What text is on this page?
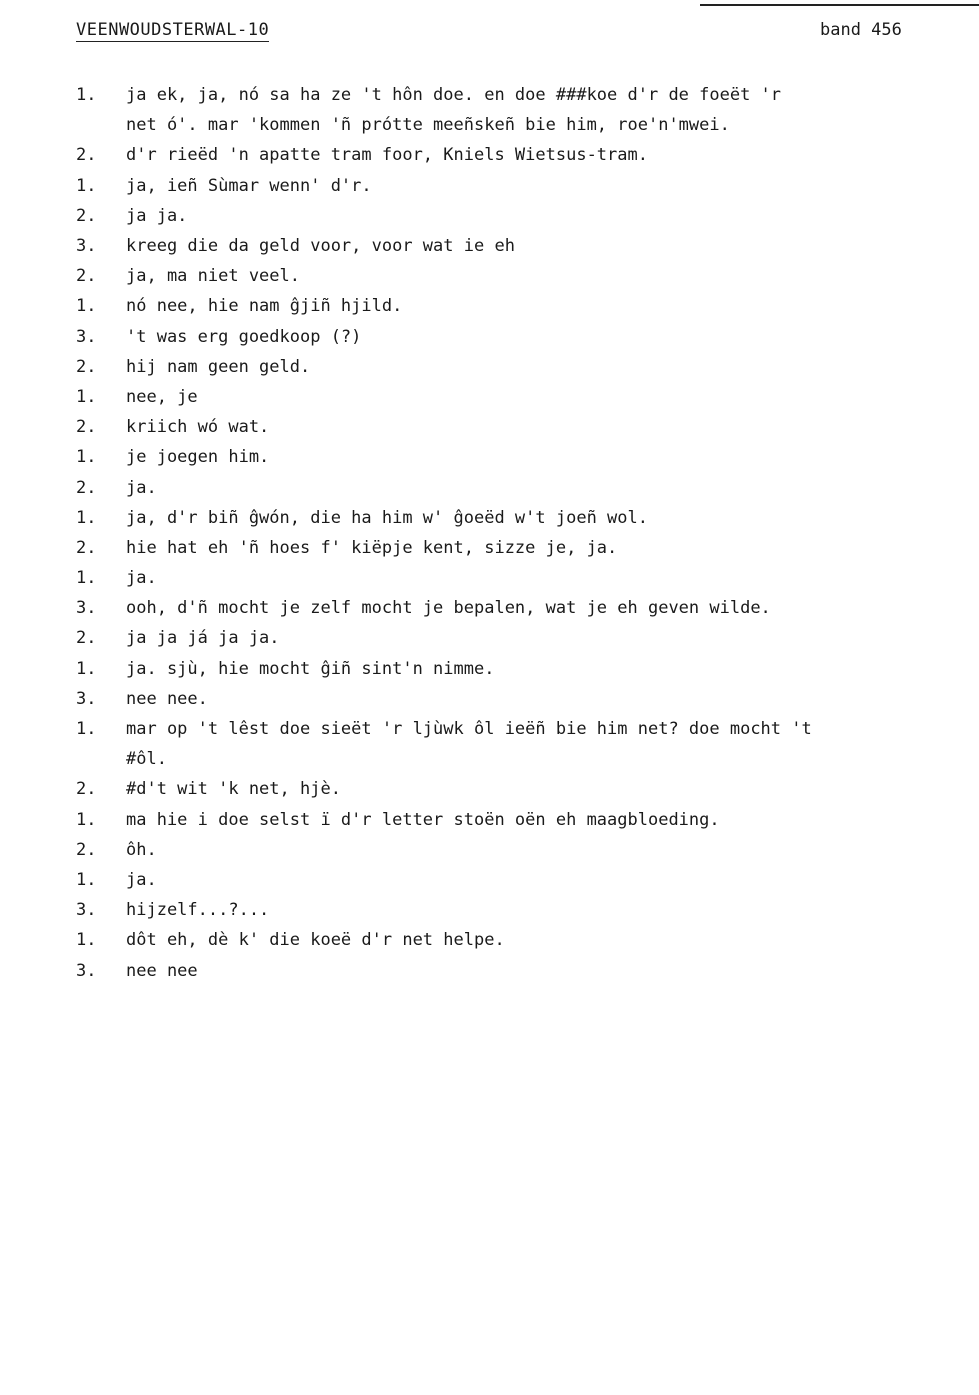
VEENWOUDSTERWAL-10	band 456
1.	ja ek, ja, nó sa ha ze 't hôn doe. en doe ###koe d'r de foeët 'r
net ó'. mar 'kommen 'ñ prótte meeñskeñ bie him, roe'n'mwei.
2.	d'r rieëd 'n apatte tram foor, Kniels Wietsus-tram.
1.	ja, ieñ Sùmar wenn' d'r.
2.	ja ja.
3.	kreeg die da geld voor, voor wat ie eh
2.	ja, ma niet veel.
1.	nó nee, hie nam ĝjiñ hjild.
3.	't was erg goedkoop (?)
2.	hij nam geen geld.
1.	nee, je
2.	kriich wó wat.
1.	je joegen him.
2.	ja.
1.	ja, d'r biñ ĝwón, die ha him w' ĝoeëd w't joeñ wol.
2.	hie hat eh 'ñ hoes f' kiëpje kent, sizze je, ja.
1.	ja.
3.	ooh, d'ñ mocht je zelf mocht je bepalen, wat je eh geven wilde.
2.	ja ja já ja ja.
1.	ja. sjù, hie mocht ĝiñ sint'n nimme.
3.	nee nee.
1.	mar op 't lêst doe sieët 'r ljùwk ôl ieëñ bie him net? doe mocht 't
#ôl.
2.	#d't wit 'k net, hjè.
1.	ma hie i doe selst ï d'r letter stoën oën eh maagbloeding.
2.	ôh.
1.	ja.
3.	hijzelf...?...
1.	dôt eh, dè k' die koeë d'r net helpe.
3.	nee nee
